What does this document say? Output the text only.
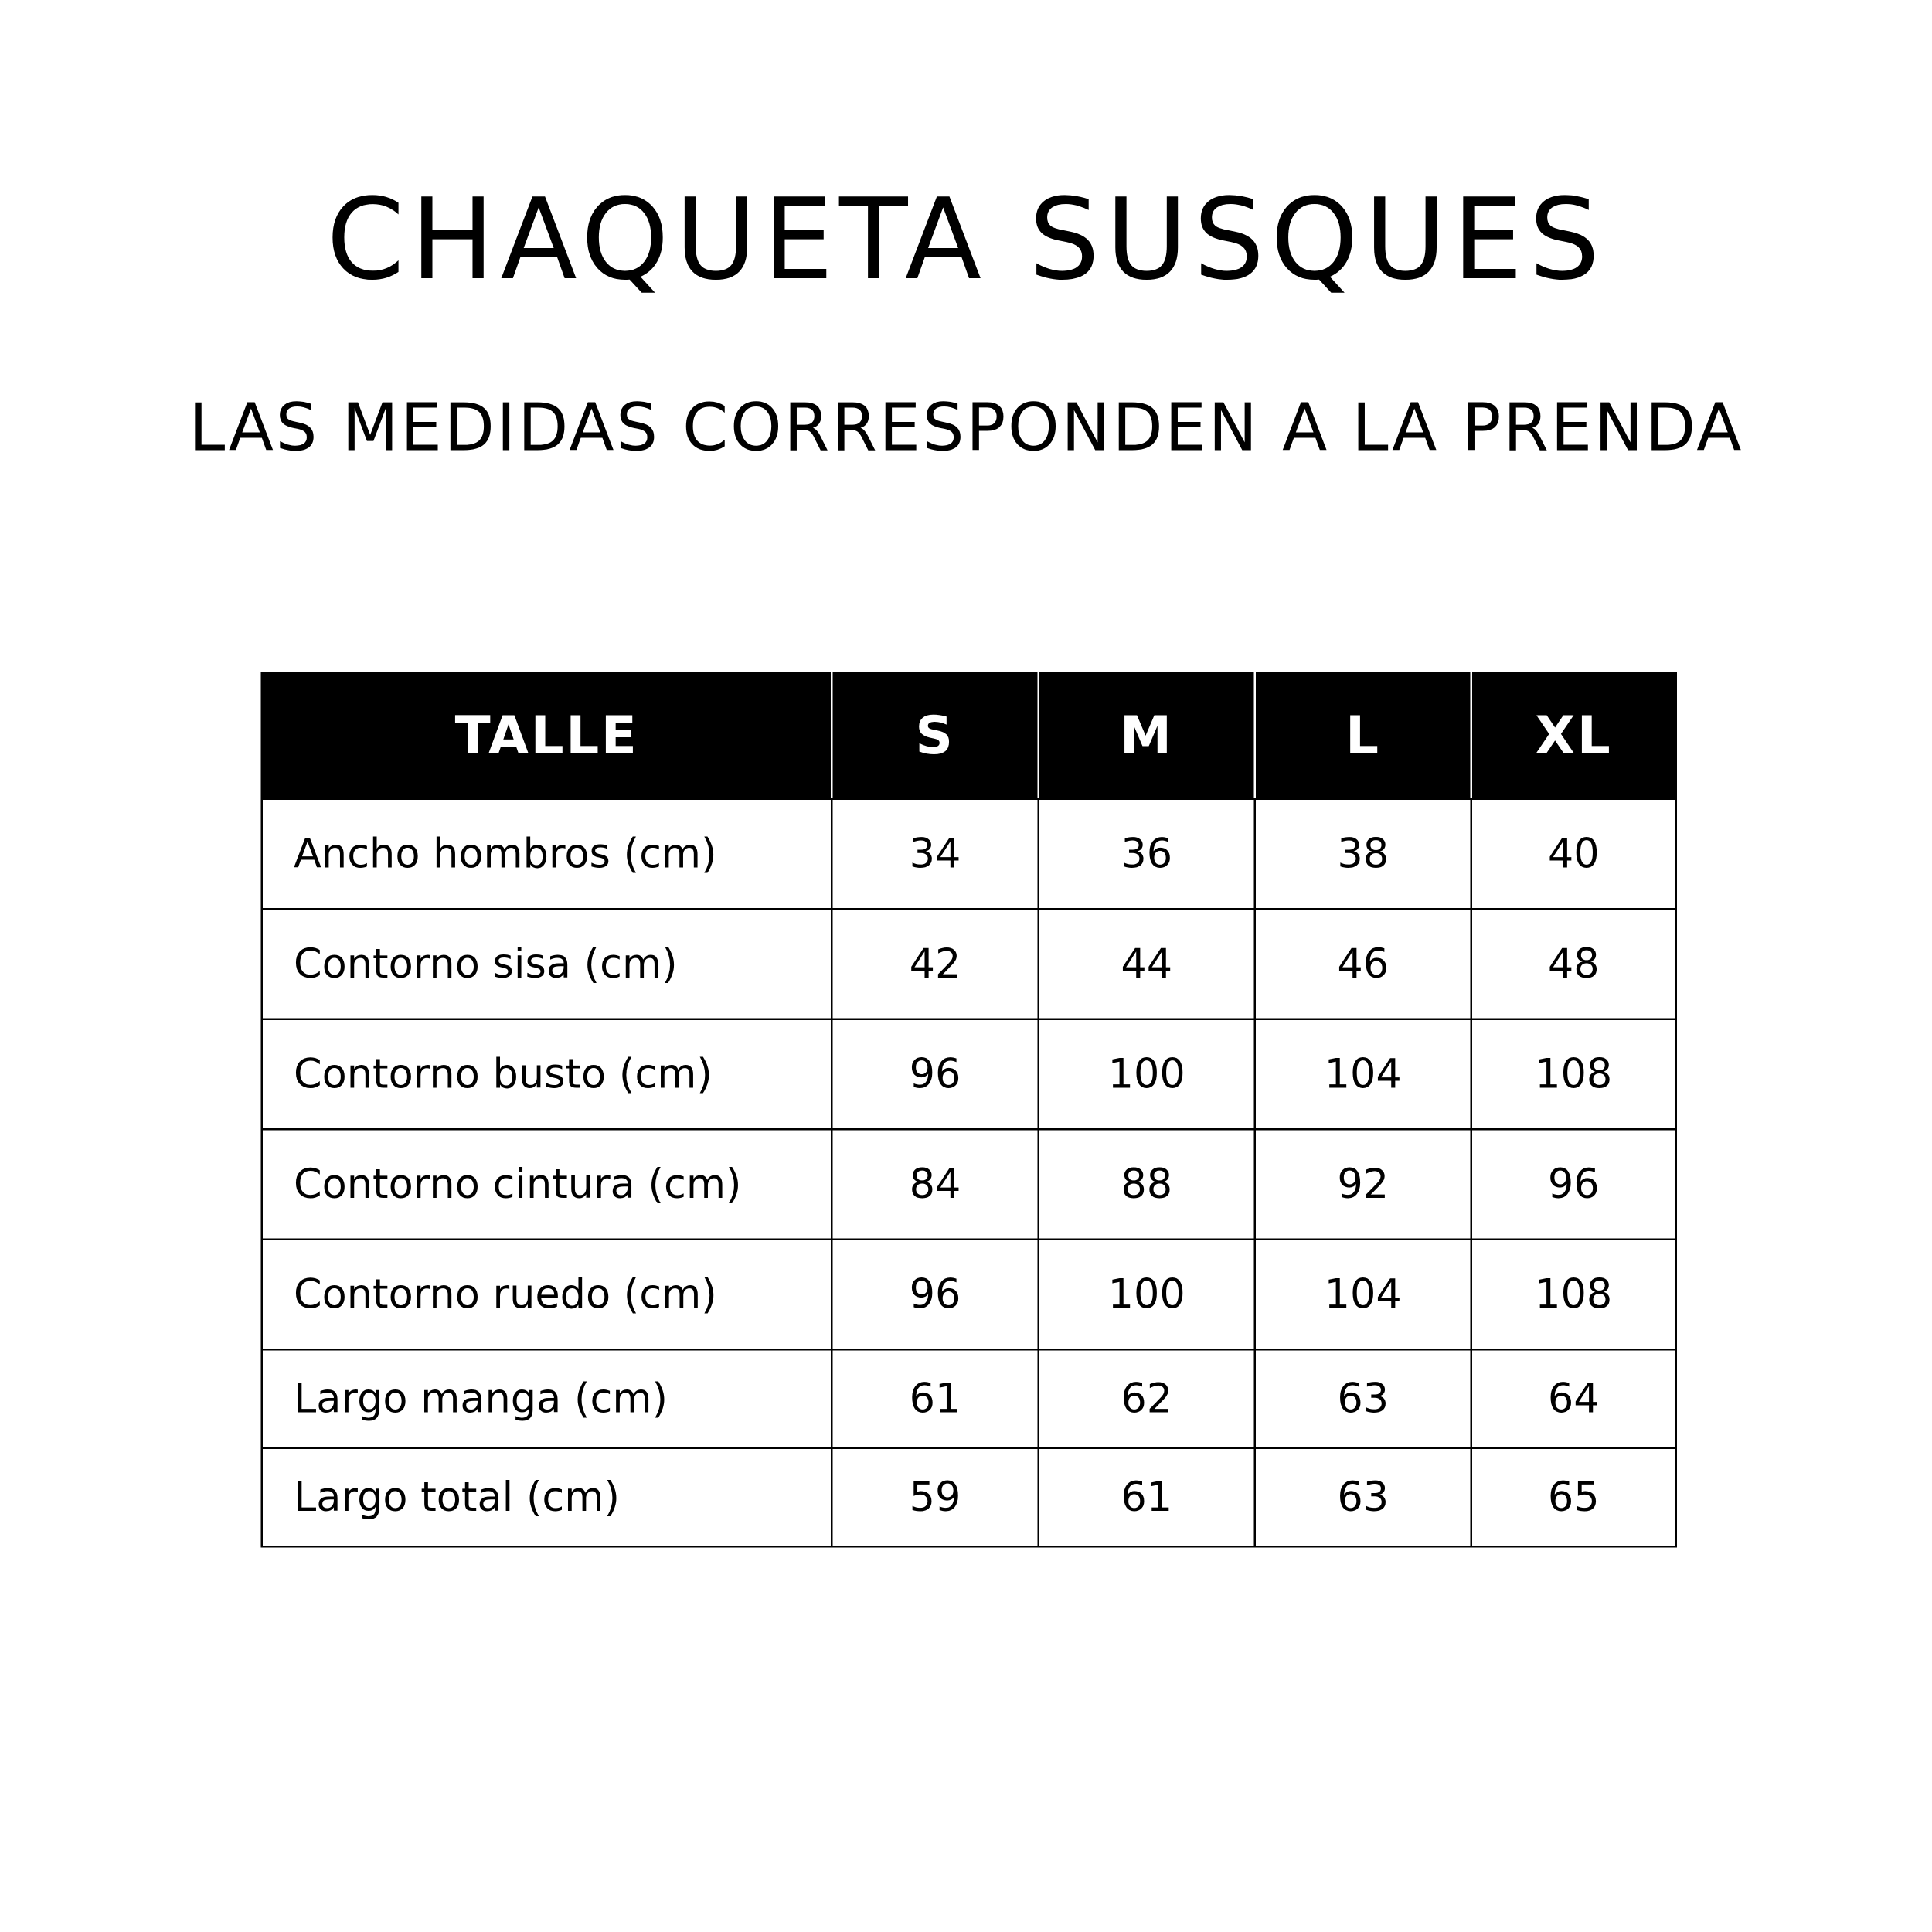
CHAQUETA SUSQUES
LAS MEDIDAS CORRESPONDEN A LA PRENDA
TALLE	S	M	L	XL
Ancho hombros (cm)	34	36	38	40
Contorno sisa (cm)	42	44	46	48
Contorno busto (cm)	96	100	104	108
Contorno cintura (cm)	84	88	92	96
Contorno ruedo (cm)	96	100	104	108
Largo manga (cm)	61	62	63	64
Largo total (cm)	59	61	63	65
